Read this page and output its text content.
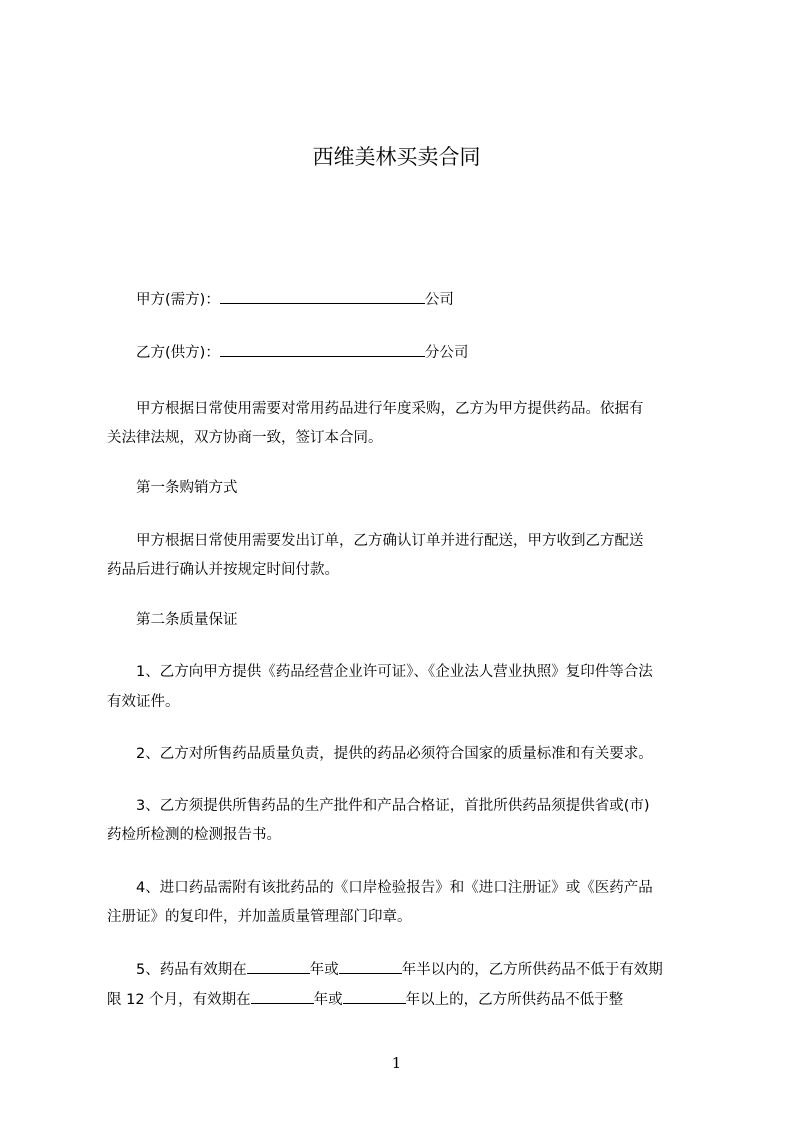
西维美林买卖合同
甲方(需方)：	公司
乙方(供方)：	分公司
甲方根据日常使用需要对常用药品进行年度采购，乙方为甲方提供药品。依据有
关法律法规，双方协商一致，签订本合同。
第一条购销方式
甲方根据日常使用需要发出订单，乙方确认订单并进行配送，甲方收到乙方配送
药品后进行确认并按规定时间付款。
第二条质量保证
1、乙方向甲方提供《药品经营企业许可证》、《企业法人营业执照》复印件等合法
有效证件。
2、乙方对所售药品质量负责，提供的药品必须符合国家的质量标准和有关要求。
3、乙方须提供所售药品的生产批件和产品合格证，首批所供药品须提供省或(市)
药检所检测的检测报告书。
4、进口药品需附有该批药品的《口岸检验报告》和《进口注册证》或《医药产品
注册证》的复印件，并加盖质量管理部门印章。
5、药品有效期在	年或	年半以内的，乙方所供药品不低于有效期
限 12 个月，有效期在	年或	年以上的，乙方所供药品不低于整
1
